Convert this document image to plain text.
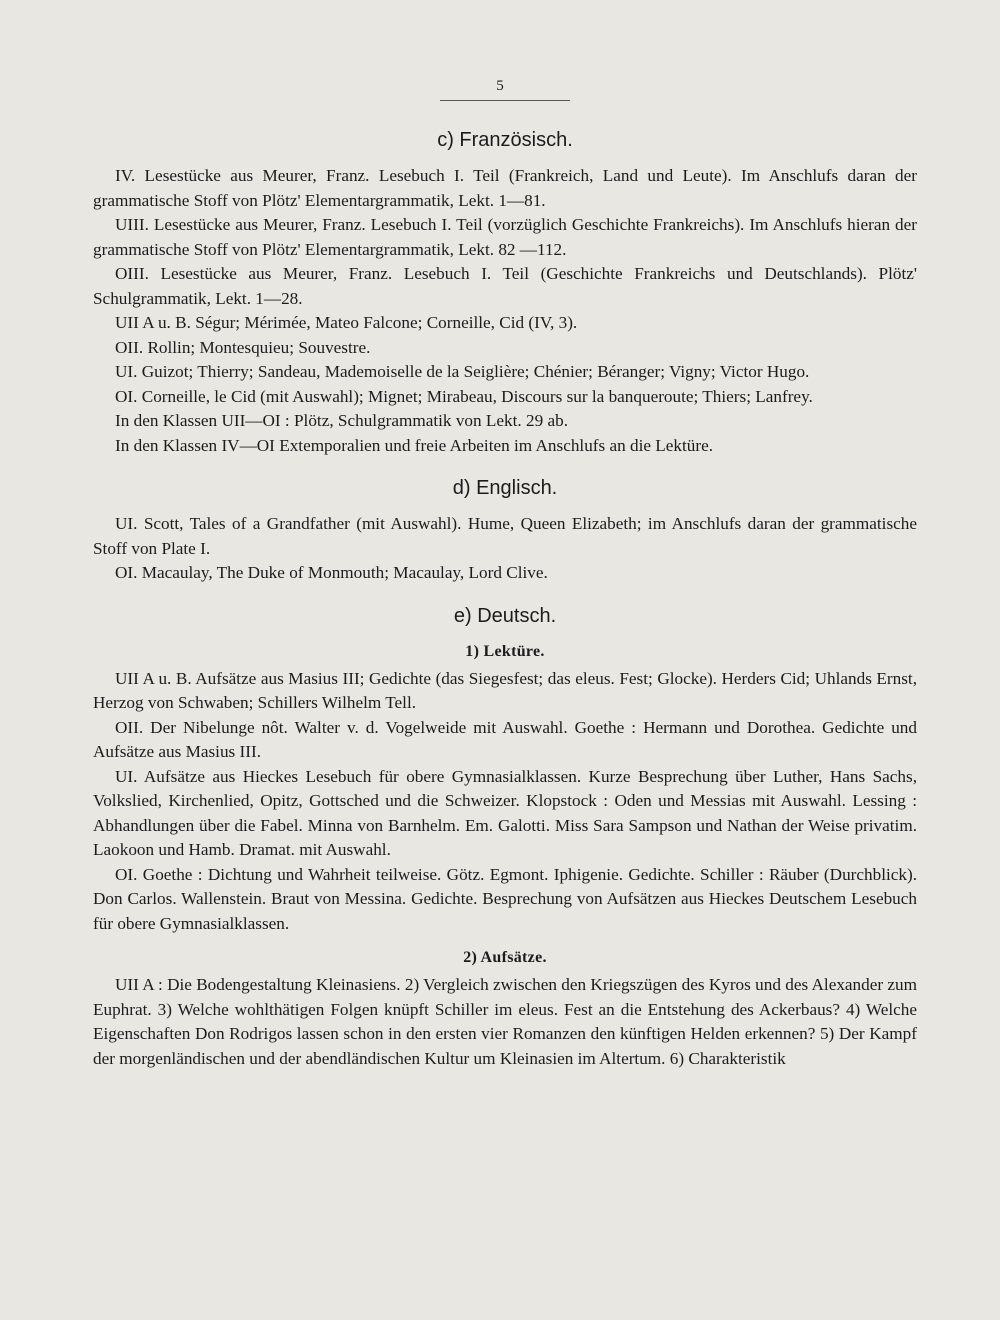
5
c) Französisch.

IV. Lesestücke aus Meurer, Franz. Lesebuch I. Teil (Frankreich, Land und Leute). Im Anschlufs daran der grammatische Stoff von Plötz' Elementargrammatik, Lekt. 1—81.

UIII. Lesestücke aus Meurer, Franz. Lesebuch I. Teil (vorzüglich Geschichte Frankreichs). Im Anschlufs hieran der grammatische Stoff von Plötz' Elementargrammatik, Lekt. 82 —112.

OIII. Lesestücke aus Meurer, Franz. Lesebuch I. Teil (Geschichte Frankreichs und Deutschlands). Plötz' Schulgrammatik, Lekt. 1—28.

UII A u. B. Ségur; Mérimée, Mateo Falcone; Corneille, Cid (IV, 3).

OII. Rollin; Montesquieu; Souvestre.

UI. Guizot; Thierry; Sandeau, Mademoiselle de la Seiglière; Chénier; Béranger; Vigny; Victor Hugo.

OI. Corneille, le Cid (mit Auswahl); Mignet; Mirabeau, Discours sur la banqueroute; Thiers; Lanfrey.

In den Klassen UII—OI : Plötz, Schulgrammatik von Lekt. 29 ab.

In den Klassen IV—OI Extemporalien und freie Arbeiten im Anschlufs an die Lektüre.

d) Englisch.

UI. Scott, Tales of a Grandfather (mit Auswahl). Hume, Queen Elizabeth; im Anschlufs daran der grammatische Stoff von Plate I.

OI. Macaulay, The Duke of Monmouth; Macaulay, Lord Clive.

e) Deutsch.
1) Lektüre.

UII A u. B. Aufsätze aus Masius III; Gedichte (das Siegesfest; das eleus. Fest; Glocke). Herders Cid; Uhlands Ernst, Herzog von Schwaben; Schillers Wilhelm Tell.

OII. Der Nibelunge nôt. Walter v. d. Vogelweide mit Auswahl. Goethe : Hermann und Dorothea. Gedichte und Aufsätze aus Masius III.

UI. Aufsätze aus Hieckes Lesebuch für obere Gymnasialklassen. Kurze Besprechung über Luther, Hans Sachs, Volkslied, Kirchenlied, Opitz, Gottsched und die Schweizer. Klopstock : Oden und Messias mit Auswahl. Lessing : Abhandlungen über die Fabel. Minna von Barnhelm. Em. Galotti. Miss Sara Sampson und Nathan der Weise privatim. Laokoon und Hamb. Dramat. mit Auswahl.

OI. Goethe : Dichtung und Wahrheit teilweise. Götz. Egmont. Iphigenie. Gedichte. Schiller : Räuber (Durchblick). Don Carlos. Wallenstein. Braut von Messina. Gedichte. Besprechung von Aufsätzen aus Hieckes Deutschem Lesebuch für obere Gymnasialklassen.

2) Aufsätze.

UII A : Die Bodengestaltung Kleinasiens. 2) Vergleich zwischen den Kriegszügen des Kyros und des Alexander zum Euphrat. 3) Welche wohlthätigen Folgen knüpft Schiller im eleus. Fest an die Entstehung des Ackerbaus? 4) Welche Eigenschaften Don Rodrigos lassen schon in den ersten vier Romanzen den künftigen Helden erkennen? 5) Der Kampf der morgenländischen und der abendländischen Kultur um Kleinasien im Altertum. 6) Charakteristik
